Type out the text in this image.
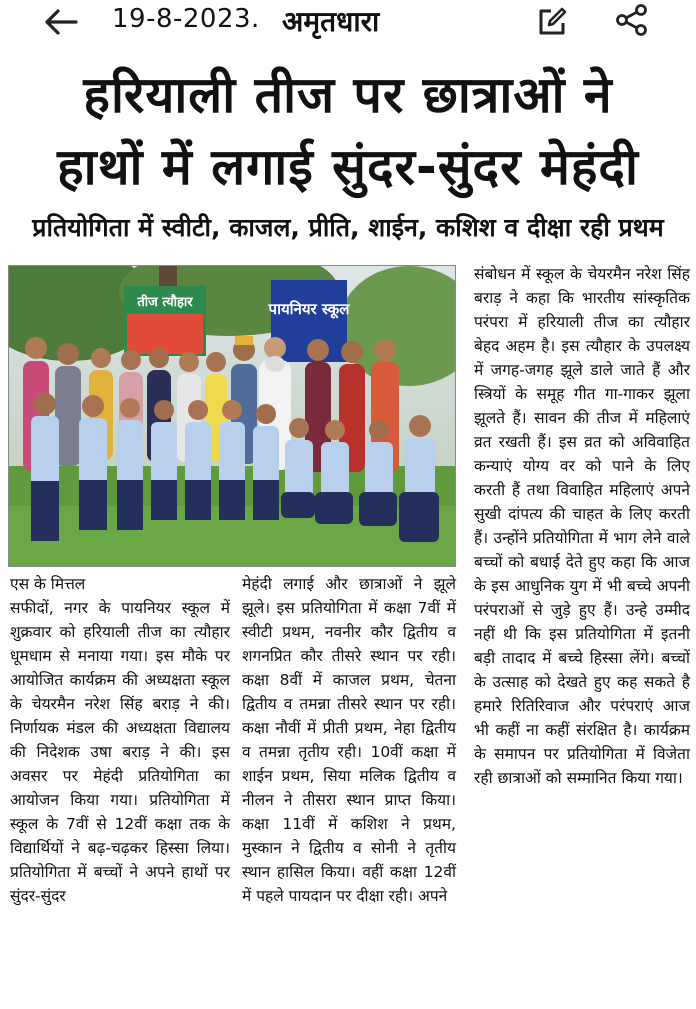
19-8-2023. अमृतधारा
हरियाली तीज पर छात्राओं ने
हाथों में लगाई सुंदर-सुंदर मेहंदी
प्रतियोगिता में स्वीटी, काजल, प्रीति, शाईन, कशिश व दीक्षा रही प्रथम
तीज त्यौहार	पायनियर स्कूल
एस के मित्तल

सफीदों, नगर के पायनियर स्कूल में शुक्रवार को हरियाली तीज का त्यौहार धूमधाम से मनाया गया। इस मौके पर आयोजित कार्यक्रम की अध्यक्षता स्कूल के चेयरमैन नरेश सिंह बराड़ ने की। निर्णायक मंडल की अध्यक्षता विद्यालय की निदेशक उषा बराड़ ने की। इस अवसर पर मेहंदी प्रतियोगिता का आयोजन किया गया। प्रतियोगिता में स्कूल के 7वीं से 12वीं कक्षा तक के विद्यार्थियों ने बढ़-चढ़कर हिस्सा लिया। प्रतियोगिता में बच्चों ने अपने हाथों पर सुंदर-सुंदर

मेहंदी लगाई और छात्राओं ने झूले झूले। इस प्रतियोगिता में कक्षा 7वीं में स्वीटी प्रथम, नवनीर कौर द्वितीय व शगनप्रित कौर तीसरे स्थान पर रही। कक्षा 8वीं में काजल प्रथम, चेतना द्वितीय व तमन्ना तीसरे स्थान पर रही। कक्षा नौवीं में प्रीती प्रथम, नेहा द्वितीय व तमन्ना तृतीय रही। 10वीं कक्षा में शाईन प्रथम, सिया मलिक द्वितीय व नीलन ने तीसरा स्थान प्राप्त किया। कक्षा 11वीं में कशिश ने प्रथम, मुस्कान ने द्वितीय व सोनी ने तृतीय स्थान हासिल किया। वहीं कक्षा 12वीं में पहले पायदान पर दीक्षा रही। अपने

संबोधन में स्कूल के चेयरमैन नरेश सिंह बराड़ ने कहा कि भारतीय सांस्कृतिक परंपरा में हरियाली तीज का त्यौहार बेहद अहम है। इस त्यौहार के उपलक्ष्य में जगह-जगह झूले डाले जाते हैं और स्त्रियों के समूह गीत गा-गाकर झूला झूलते हैं। सावन की तीज में महिलाएं व्रत रखती हैं। इस व्रत को अविवाहित कन्याएं योग्य वर को पाने के लिए करती हैं तथा विवाहित महिलाएं अपने सुखी दांपत्य की चाहत के लिए करती हैं। उन्होंने प्रतियोगिता में भाग लेने वाले बच्चों को बधाई देते हुए कहा कि आज के इस आधुनिक युग में भी बच्चे अपनी परंपराओं से जुड़े हुए हैं। उन्हे उम्मीद नहीं थी कि इस प्रतियोगिता में इतनी बड़ी तादाद में बच्चे हिस्सा लेंगे। बच्चों के उत्साह को देखते हुए कह सकते है हमारे रितिरिवाज और परंपराएं आज भी कहीं ना कहीं संरक्षित है। कार्यक्रम के समापन पर प्रतियोगिता में विजेता रही छात्राओं को सम्मानित किया गया।
